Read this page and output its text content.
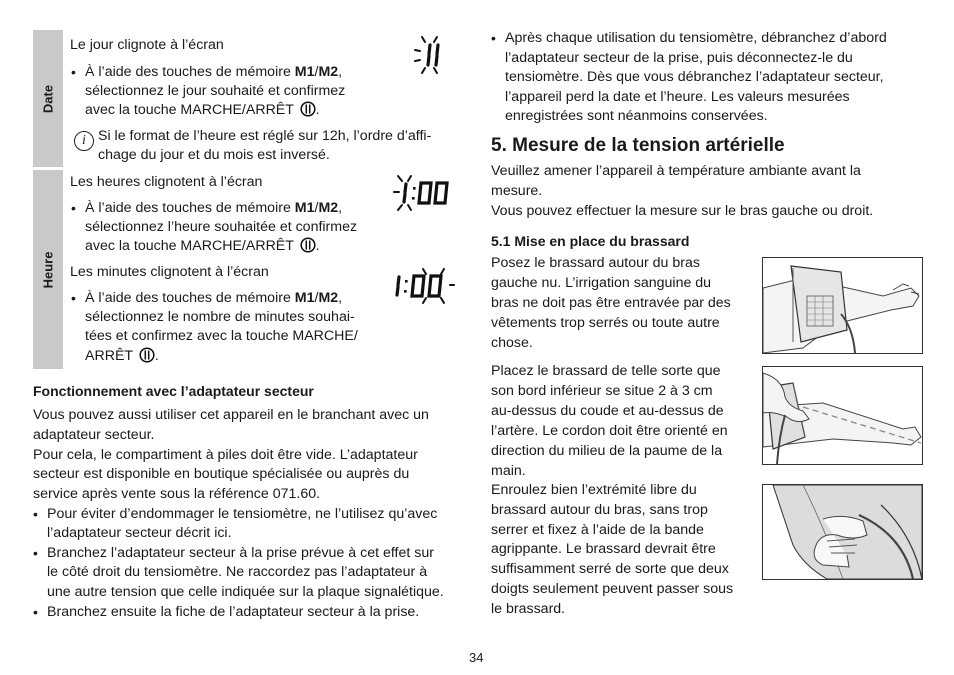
Date
Le jour clignote à l’écran
• À l’aide des touches de mémoire M1/M2,
sélectionnez le jour souhaité et confirmez
avec la touche MARCHE/ARRÊT .
i Si le format de l’heure est réglé sur 12h, l’ordre d’affi-
chage du jour et du mois est inversé.
Heure
Les heures clignotent à l’écran
• À l’aide des touches de mémoire M1/M2,
sélectionnez l’heure souhaitée et confirmez
avec la touche MARCHE/ARRÊT .
Les minutes clignotent à l’écran
• À l’aide des touches de mémoire M1/M2,
sélectionnez le nombre de minutes souhai-
tées et confirmez avec la touche MARCHE/
ARRÊT .
Fonctionnement avec l’adaptateur secteur
Vous pouvez aussi utiliser cet appareil en le branchant avec un
adaptateur secteur.
Pour cela, le compartiment à piles doit être vide. L’adaptateur
secteur est disponible en boutique spécialisée ou auprès du
service après vente sous la référence 071.60.
• Pour éviter d’endommager le tensiomètre, ne l’utilisez qu’avec
l’adaptateur secteur décrit ici.
• Branchez l’adaptateur secteur à la prise prévue à cet effet sur
le côté droit du tensiomètre. Ne raccordez pas l’adaptateur à
une autre tension que celle indiquée sur la plaque signalétique.
• Branchez ensuite la fiche de l’adaptateur secteur à la prise.
• Après chaque utilisation du tensiomètre, débranchez d’abord
l’adaptateur secteur de la prise, puis déconnectez-le du
tensiomètre. Dès que vous débranchez l’adaptateur secteur,
l’appareil perd la date et l’heure. Les valeurs mesurées
enregistrées sont néanmoins conservées.
5. Mesure de la tension artérielle
Veuillez amener l’appareil à température ambiante avant la
mesure.
Vous pouvez effectuer la mesure sur le bras gauche ou droit.
5.1 Mise en place du brassard
Posez le brassard autour du bras
gauche nu. L’irrigation sanguine du
bras ne doit pas être entravée par des
vêtements trop serrés ou toute autre
chose.
Placez le brassard de telle sorte que
son bord inférieur se situe 2 à 3 cm
au-dessus du coude et au-dessus de
l’artère. Le cordon doit être orienté en
direction du milieu de la paume de la
main.
Enroulez bien l’extrémité libre du
brassard autour du bras, sans trop
serrer et fixez à l’aide de la bande
agrippante. Le brassard devrait être
suffisamment serré de sorte que deux
doigts seulement peuvent passer sous
le brassard.
34
